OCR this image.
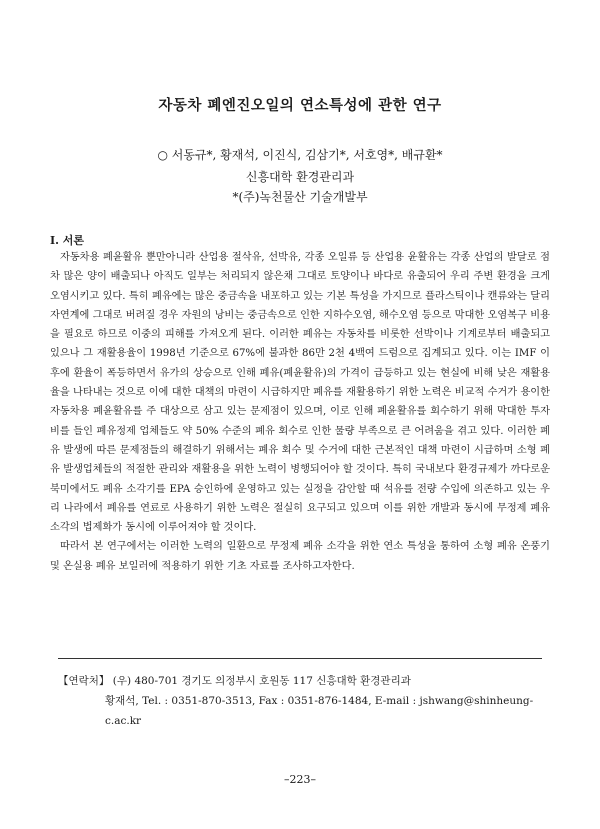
자동차 폐엔진오일의 연소특성에 관한 연구
○ 서동규*, 황재석, 이진식, 김삼기*, 서호영*, 배규환*
신흥대학 환경관리과
*(주)녹천물산 기술개발부
I. 서론

자동차용 폐윤활유 뿐만아니라 산업용 절삭유, 선박유, 각종 오일류 등 산업용 윤활유는 각종 산업의 발달로 점차 많은 양이 배출되나 아직도 일부는 처리되지 않은채 그대로 토양이나 바다로 유출되어 우리 주변 환경을 크게 오염시키고 있다. 특히 폐유에는 많은 중금속을 내포하고 있는 기본 특성을 가지므로 플라스틱이나 캔류와는 달리 자연계에 그대로 버려질 경우 자원의 낭비는 중금속으로 인한 지하수오염, 해수오염 등으로 막대한 오염복구 비용을 필요로 하므로 이중의 피해를 가져오게 된다. 이러한 폐유는 자동차를 비롯한 선박이나 기계로부터 배출되고 있으나 그 재활용율이 1998년 기준으로 67%에 불과한 86만 2천 4백여 드럼으로 집계되고 있다. 이는 IMF 이후에 환율이 폭등하면서 유가의 상승으로 인해 폐유(폐윤활유)의 가격이 급등하고 있는 현실에 비해 낮은 재활용율을 나타내는 것으로 이에 대한 대책의 마련이 시급하지만 폐유를 재활용하기 위한 노력은 비교적 수거가 용이한 자동차용 폐윤활유를 주 대상으로 삼고 있는 문제점이 있으며, 이로 인해 폐윤활유를 회수하기 위해 막대한 투자비를 들인 폐유정제 업체들도 약 50% 수준의 폐유 회수로 인한 물량 부족으로 큰 어려움을 겪고 있다. 이러한 폐유 발생에 따른 문제점들의 해결하기 위해서는 폐유 회수 및 수거에 대한 근본적인 대책 마련이 시급하며 소형 폐유 발생업체들의 적절한 관리와 재활용을 위한 노력이 병행되어야 할 것이다. 특히 국내보다 환경규제가 까다로운 북미에서도 폐유 소각기를 EPA 승인하에 운영하고 있는 실정을 감안할 때 석유를 전량 수입에 의존하고 있는 우리 나라에서 폐유를 연료로 사용하기 위한 노력은 절실히 요구되고 있으며 이를 위한 개발과 동시에 무정제 폐유 소각의 법제화가 동시에 이루어져야 할 것이다.

따라서 본 연구에서는 이러한 노력의 일환으로 무정제 폐유 소각을 위한 연소 특성을 통하여 소형 폐유 온풍기 및 온실용 폐유 보일러에 적용하기 위한 기초 자료를 조사하고자한다.

【연락처】 (우) 480-701 경기도 의정부시 호원동 117 신흥대학 환경관리과
황재석, Tel. : 0351-870-3513, Fax : 0351-876-1484, E-mail : jshwang@shinheung-c.ac.kr
–223–
